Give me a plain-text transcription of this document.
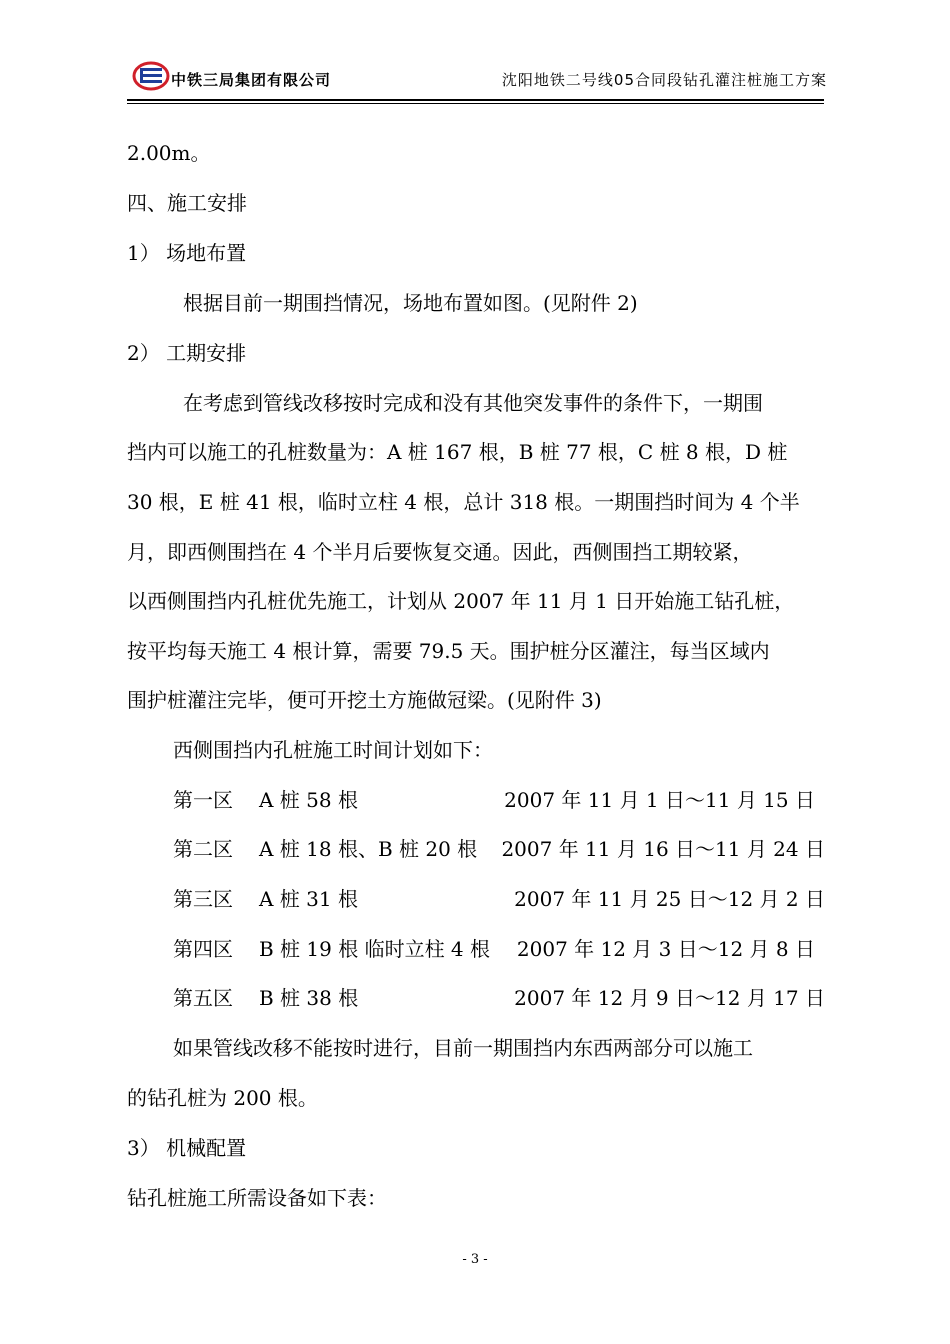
中铁三局集团有限公司	沈阳地铁二号线05合同段钻孔灌注桩施工方案
2.00m。
四、施工安排
1） 场地布置
根据目前一期围挡情况，场地布置如图。(见附件 2)
2） 工期安排
在考虑到管线改移按时完成和没有其他突发事件的条件下，一期围
挡内可以施工的孔桩数量为：A 桩 167 根，B 桩 77 根，C 桩 8 根，D 桩
30 根，E 桩 41 根，临时立柱 4 根，总计 318 根。一期围挡时间为 4 个半
月，即西侧围挡在 4 个半月后要恢复交通。因此，西侧围挡工期较紧，
以西侧围挡内孔桩优先施工，计划从 2007 年 11 月 1 日开始施工钻孔桩，
按平均每天施工 4 根计算，需要 79.5 天。围护桩分区灌注，每当区域内
围护桩灌注完毕，便可开挖土方施做冠梁。(见附件 3)
西侧围挡内孔桩施工时间计划如下：
第一区 A 桩 58 根	2007 年 11 月 1 日～11 月 15 日
第二区 A 桩 18 根、B 桩 20 根 2007 年 11 月 16 日～11 月 24 日
第三区 A 桩 31 根	2007 年 11 月 25 日～12 月 2 日
第四区 B 桩 19 根 临时立柱 4 根 2007 年 12 月 3 日～12 月 8 日
第五区 B 桩 38 根	2007 年 12 月 9 日～12 月 17 日
如果管线改移不能按时进行，目前一期围挡内东西两部分可以施工
的钻孔桩为 200 根。
3） 机械配置
钻孔桩施工所需设备如下表：
- 3 -
